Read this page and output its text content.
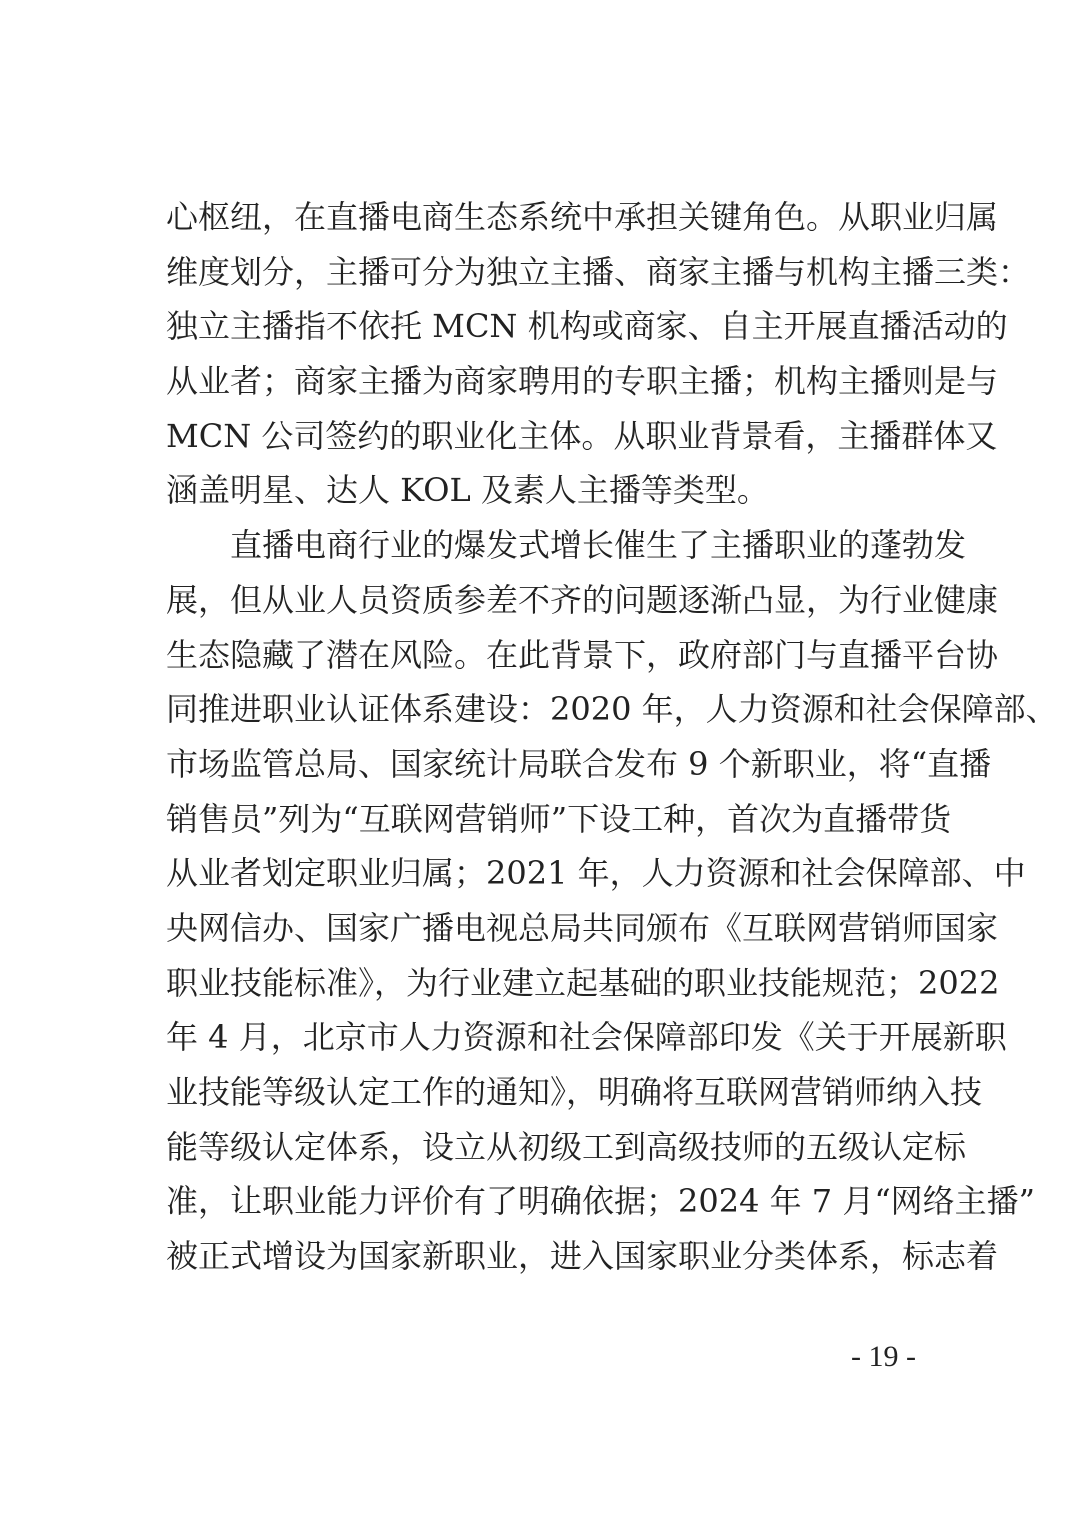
心枢纽，在直播电商生态系统中承担关键角色。从职业归属
维度划分，主播可分为独立主播、商家主播与机构主播三类：
独立主播指不依托 MCN 机构或商家、自主开展直播活动的
从业者；商家主播为商家聘用的专职主播；机构主播则是与
MCN 公司签约的职业化主体。从职业背景看，主播群体又
涵盖明星、达人 KOL 及素人主播等类型。
直播电商行业的爆发式增长催生了主播职业的蓬勃发
展，但从业人员资质参差不齐的问题逐渐凸显，为行业健康
生态隐藏了潜在风险。在此背景下，政府部门与直播平台协
同推进职业认证体系建设：2020 年，人力资源和社会保障部、
市场监管总局、国家统计局联合发布 9 个新职业，将“直播
销售员”列为“互联网营销师”下设工种，首次为直播带货
从业者划定职业归属；2021 年，人力资源和社会保障部、中
央网信办、国家广播电视总局共同颁布《互联网营销师国家
职业技能标准》，为行业建立起基础的职业技能规范；2022
年 4 月，北京市人力资源和社会保障部印发《关于开展新职
业技能等级认定工作的通知》，明确将互联网营销师纳入技
能等级认定体系，设立从初级工到高级技师的五级认定标
准，让职业能力评价有了明确依据；2024 年 7 月“网络主播”
被正式增设为国家新职业，进入国家职业分类体系，标志着
- 19 -
